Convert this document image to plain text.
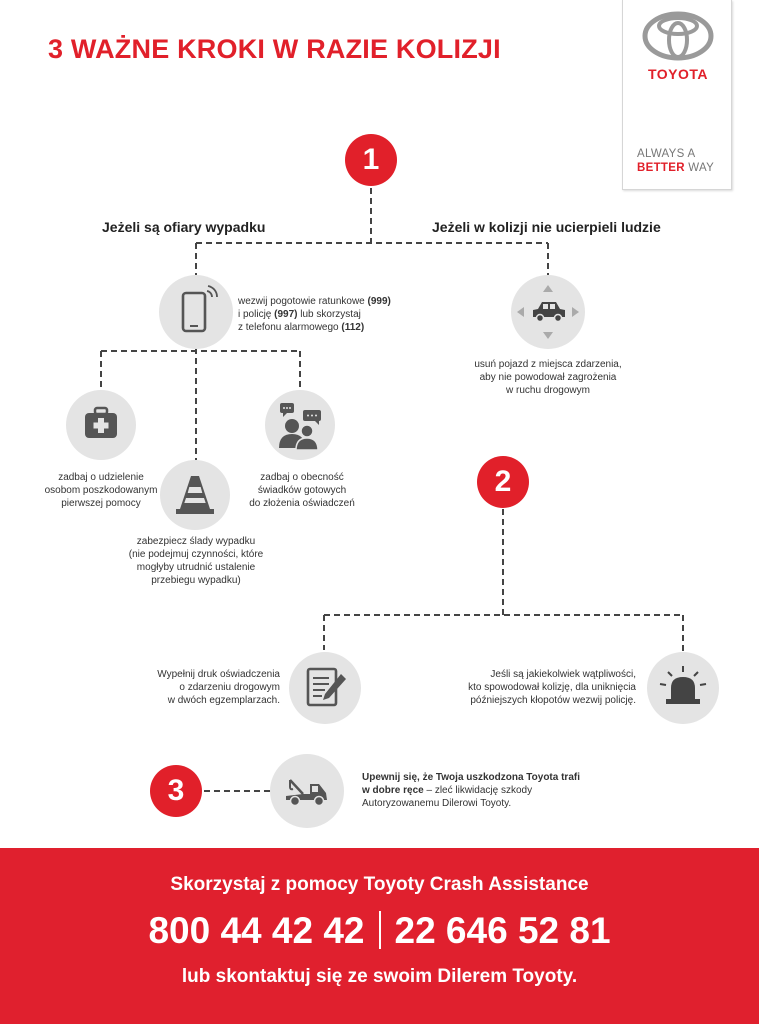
3 WAŻNE KROKI W RAZIE KOLIZJI
TOYOTA
ALWAYS A
BETTER WAY
1
2
3
Jeżeli są ofiary wypadku	Jeżeli w kolizji nie ucierpieli ludzie
wezwij pogotowie ratunkowe (999)
i policję (997) lub skorzystaj
z telefonu alarmowego (112)
usuń pojazd z miejsca zdarzenia,
aby nie powodował zagrożenia
w ruchu drogowym
zadbaj o udzielenie
osobom poszkodowanym
pierwszej pomocy
zabezpiecz ślady wypadku
(nie podejmuj czynności, które
mogłyby utrudnić ustalenie
przebiegu wypadku)
zadbaj o obecność
świadków gotowych
do złożenia oświadczeń
Wypełnij druk oświadczenia
o zdarzeniu drogowym
w dwóch egzemplarzach.
Jeśli są jakiekolwiek wątpliwości,
kto spowodował kolizję, dla uniknięcia
późniejszych kłopotów wezwij policję.
Upewnij się, że Twoja uszkodzona Toyota trafi
w dobre ręce – zleć likwidację szkody
Autoryzowanemu Dilerowi Toyoty.
Skorzystaj z pomocy Toyoty Crash Assistance
800 44 42 42 22 646 52 81
lub skontaktuj się ze swoim Dilerem Toyoty.
